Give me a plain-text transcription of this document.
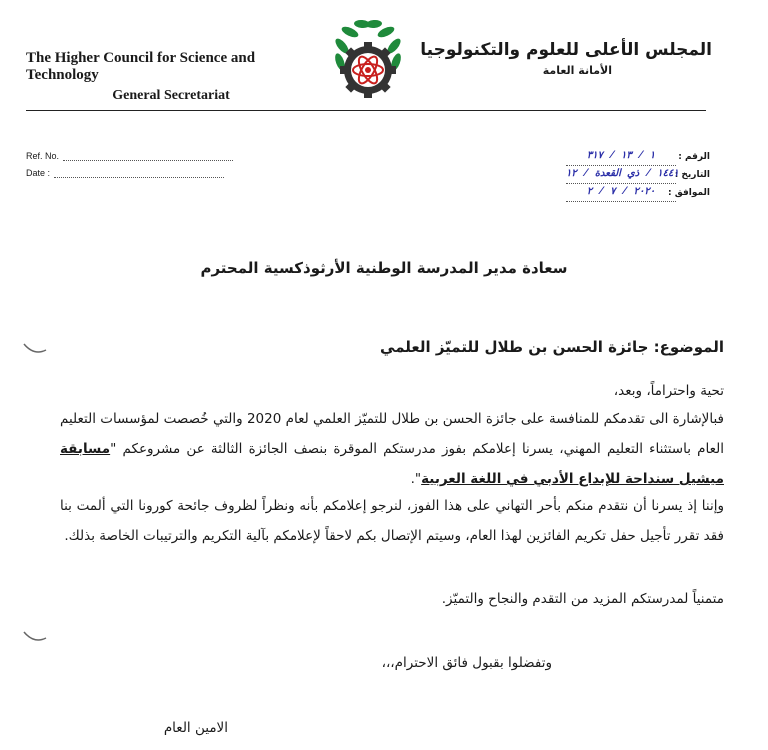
The Higher Council for Science and Technology
General Secretariat
المجلس الأعلى للعلوم والتكنولوجيا
الأمانة العامة
Ref. No.
Date :
الرقم :
١ / ١٣ / ٣١٧
التاريخ :
١٤٤١ / ذي القعدة / ١٢
الموافق :
٢٠٢٠ / ٧ / ٢
سعادة مدير المدرسة الوطنية الأرثوذكسية المحترم
الموضوع: جائزة الحسن بن طلال للتميّز العلمي
تحية واحتراماً، وبعد،
فبالإشارة الى تقدمكم للمنافسة على جائزة الحسن بن طلال للتميّز العلمي لعام 2020 والتي خُصصت لمؤسسات التعليم العام باستثناء التعليم المهني، يسرنا إعلامكم بفوز مدرستكم الموقرة بنصف الجائزة الثالثة عن مشروعكم "مسابقة ميشيل سنداحة للإبداع الأدبي في اللغة العربية".
وإننا إذ يسرنا أن نتقدم منكم بأحر التهاني على هذا الفوز، لنرجو إعلامكم بأنه ونظراً لظروف جائحة كورونا التي ألمت بنا فقد تقرر تأجيل حفل تكريم الفائزين لهذا العام، وسيتم الإتصال بكم لاحقاً لإعلامكم بآلية التكريم والترتيبات الخاصة بذلك.
متمنياً لمدرستكم المزيد من التقدم والنجاح والتميّز.
وتفضلوا بقبول فائق الاحترام،،،
الامين العام
